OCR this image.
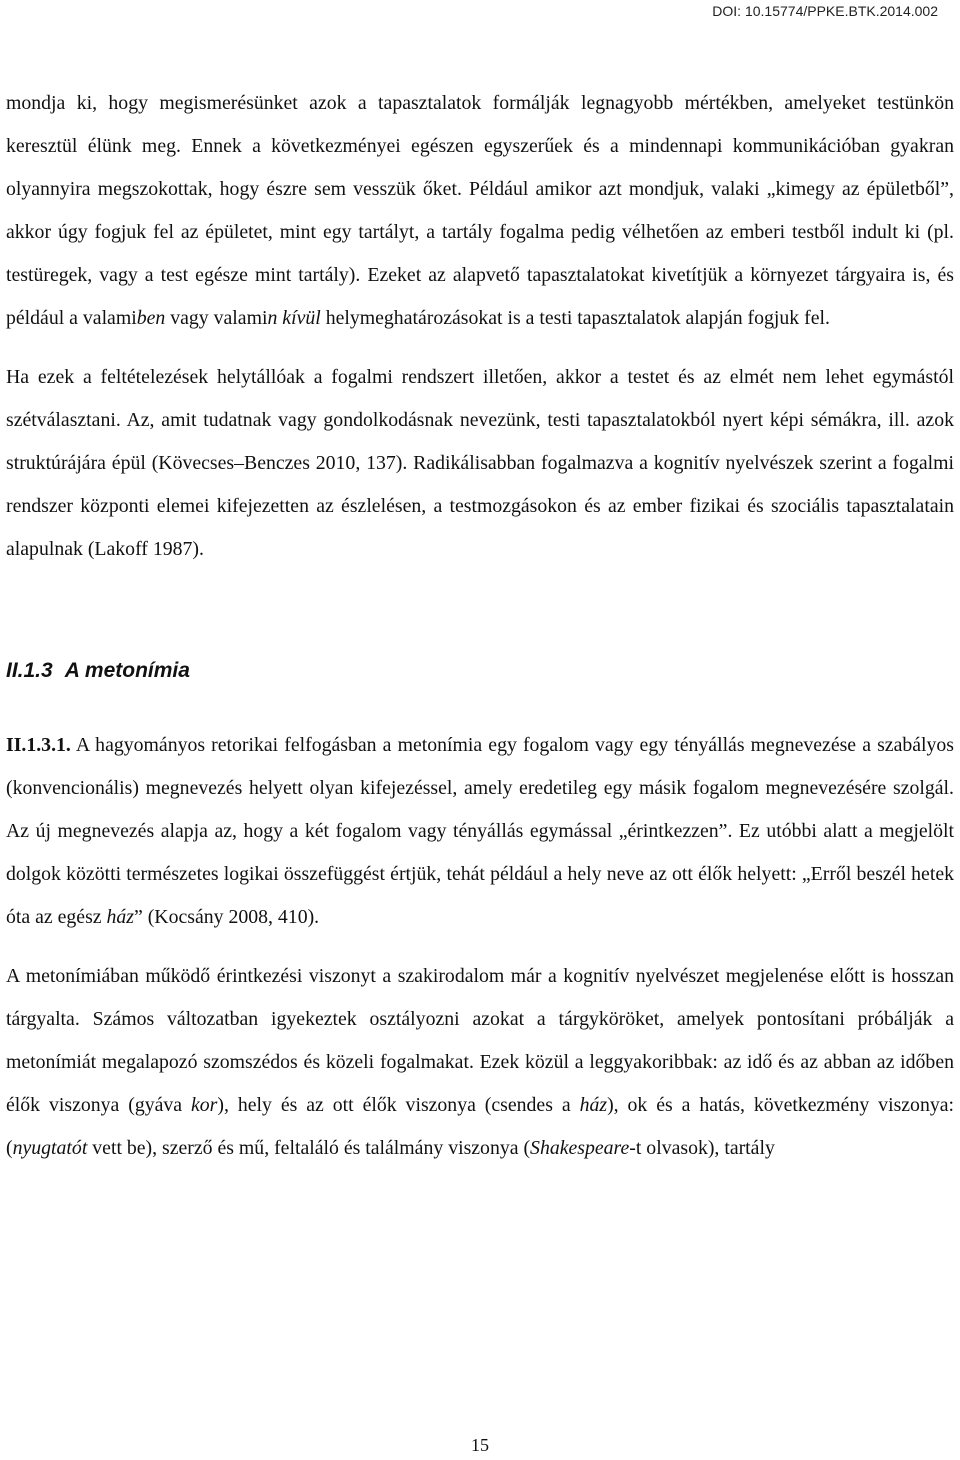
DOI: 10.15774/PPKE.BTK.2014.002

mondja ki, hogy megismerésünket azok a tapasztalatok formálják legnagyobb mértékben, amelyeket testünkön keresztül élünk meg. Ennek a következményei egészen egyszerűek és a mindennapi kommunikációban gyakran olyannyira megszokottak, hogy észre sem vesszük őket. Például amikor azt mondjuk, valaki „kimegy az épületből”, akkor úgy fogjuk fel az épületet, mint egy tartályt, a tartály fogalma pedig vélhetően az emberi testből indult ki (pl. testüregek, vagy a test egésze mint tartály). Ezeket az alapvető tapasztalatokat kivetítjük a környezet tárgyaira is, és például a valamiben vagy valamin kívül helymeghatározásokat is a testi tapasztalatok alapján fogjuk fel.

Ha ezek a feltételezések helytállóak a fogalmi rendszert illetően, akkor a testet és az elmét nem lehet egymástól szétválasztani. Az, amit tudatnak vagy gondolkodásnak nevezünk, testi tapasztalatokból nyert képi sémákra, ill. azok struktúrájára épül (Kövecses–Benczes 2010, 137). Radikálisabban fogalmazva a kognitív nyelvészek szerint a fogalmi rendszer központi elemei kifejezetten az észlelésen, a testmozgásokon és az ember fizikai és szociális tapasztalatain alapulnak (Lakoff 1987).

II.1.3 A metonímia

II.1.3.1. A hagyományos retorikai felfogásban a metonímia egy fogalom vagy egy tényállás megnevezése a szabályos (konvencionális) megnevezés helyett olyan kifejezéssel, amely eredetileg egy másik fogalom megnevezésére szolgál. Az új megnevezés alapja az, hogy a két fogalom vagy tényállás egymással „érintkezzen”. Ez utóbbi alatt a megjelölt dolgok közötti természetes logikai összefüggést értjük, tehát például a hely neve az ott élők helyett: „Erről beszél hetek óta az egész ház” (Kocsány 2008, 410).

A metonímiában működő érintkezési viszonyt a szakirodalom már a kognitív nyelvészet megjelenése előtt is hosszan tárgyalta. Számos változatban igyekeztek osztályozni azokat a tárgyköröket, amelyek pontosítani próbálják a metonímiát megalapozó szomszédos és közeli fogalmakat. Ezek közül a leggyakoribbak: az idő és az abban az időben élők viszonya (gyáva kor), hely és az ott élők viszonya (csendes a ház), ok és a hatás, következmény viszonya: (nyugtatót vett be), szerző és mű, feltaláló és találmány viszonya (Shakespeare-t olvasok), tartály

15
